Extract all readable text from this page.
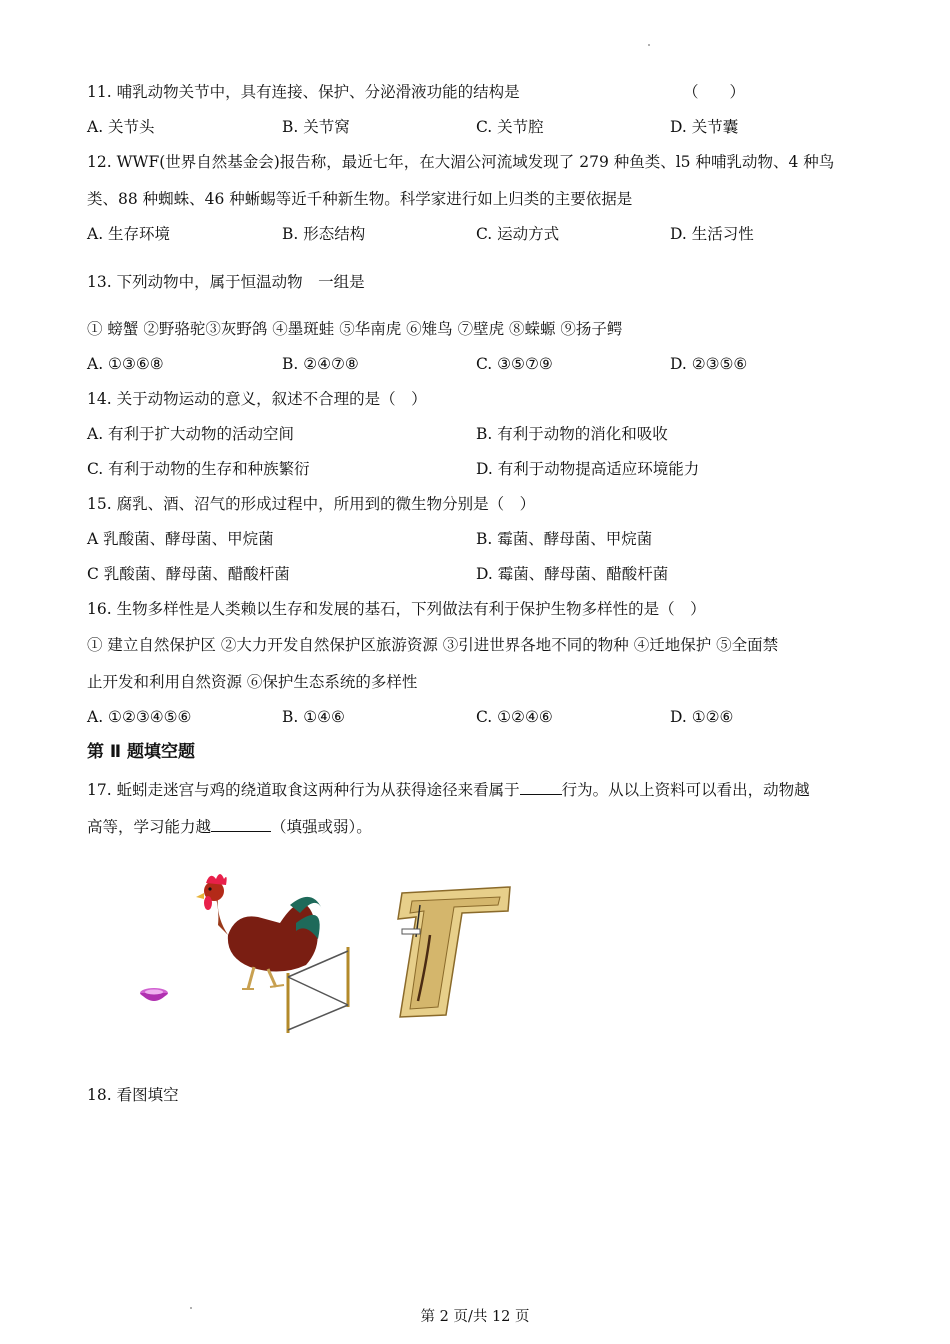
11. 哺乳动物关节中，具有连接、保护、分泌滑液功能的结构是	（　　）
A. 关节头	B. 关节窝	C. 关节腔	D. 关节囊
12. WWF(世界自然基金会)报告称，最近七年，在大湄公河流域发现了 279 种鱼类、l5 种哺乳动物、4 种鸟
类、88 种蜘蛛、46 种蜥蜴等近千种新生物。科学家进行如上归类的主要依据是
A. 生存环境	B. 形态结构	C. 运动方式	D. 生活习性
13. 下列动物中，属于恒温动物　一组是
① 螃蟹 ②野骆驼③灰野鸽 ④墨斑蛙 ⑤华南虎 ⑥雉鸟 ⑦壁虎 ⑧蝾螈 ⑨扬子鳄
A. ①③⑥⑧	B. ②④⑦⑧	C. ③⑤⑦⑨	D. ②③⑤⑥
14. 关于动物运动的意义，叙述不合理的是（　）
A. 有利于扩大动物的活动空间	B. 有利于动物的消化和吸收
C. 有利于动物的生存和种族繁衍	D. 有利于动物提高适应环境能力
15. 腐乳、酒、沼气的形成过程中，所用到的微生物分别是（　）
A 乳酸菌、酵母菌、甲烷菌	B. 霉菌、酵母菌、甲烷菌
C 乳酸菌、酵母菌、醋酸杆菌	D. 霉菌、酵母菌、醋酸杆菌
16. 生物多样性是人类赖以生存和发展的基石，下列做法有利于保护生物多样性的是（　）
① 建立自然保护区 ②大力开发自然保护区旅游资源 ③引进世界各地不同的物种 ④迁地保护 ⑤全面禁
止开发和利用自然资源 ⑥保护生态系统的多样性
A. ①②③④⑤⑥	B. ①④⑥	C. ①②④⑥	D. ①②⑥
第 Ⅱ 题填空题
17. 蚯蚓走迷宫与鸡的绕道取食这两种行为从获得途径来看属于	行为。从以上资料可以看出，动物越
高等，学习能力越	（填强或弱）。
18. 看图填空
第 2 页/共 12 页
